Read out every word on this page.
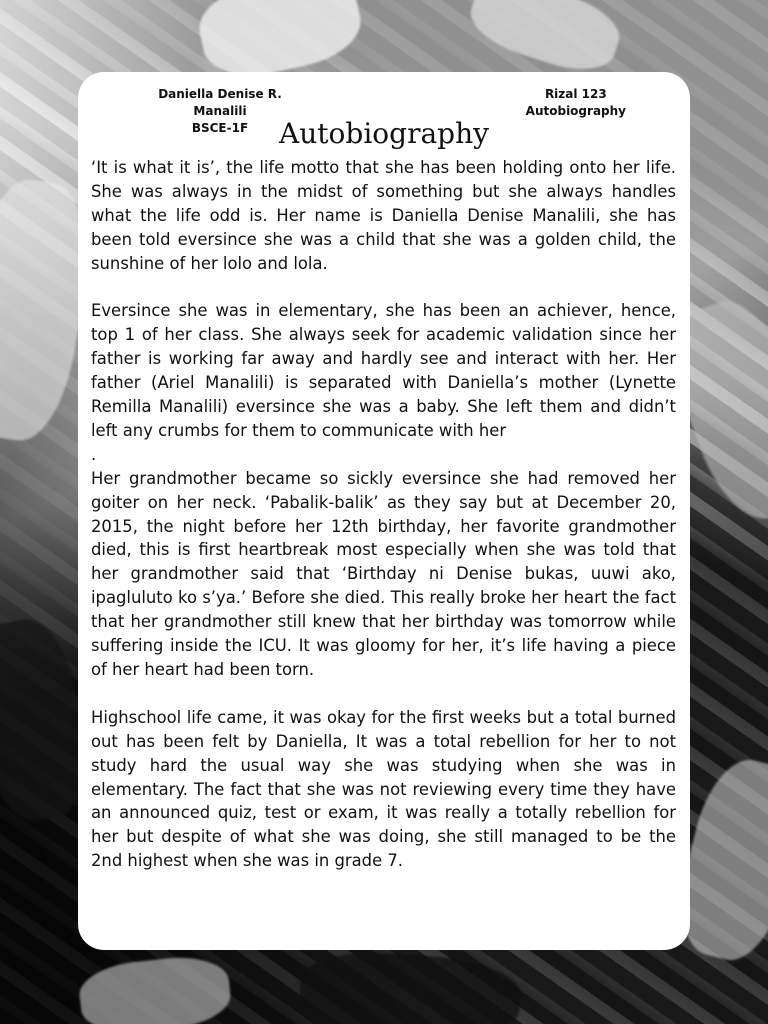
Daniella Denise R. Manalili
BSCE-1F
Rizal 123
Autobiography
Autobiography

‘It is what it is’, the life motto that she has been holding onto her life. She was always in the midst of something but she always handles what the life odd is. Her name is Daniella Denise Manalili, she has been told eversince she was a child that she was a golden child, the sunshine of her lolo and lola.

Eversince she was in elementary, she has been an achiever, hence, top 1 of her class. She always seek for academic validation since her father is working far away and hardly see and interact with her. Her father (Ariel Manalili) is separated with Daniella’s mother (Lynette Remilla Manalili) eversince she was a baby. She left them and didn’t left any crumbs for them to communicate with her

.

Her grandmother became so sickly eversince she had removed her goiter on her neck. ‘Pabalik-balik’ as they say but at December 20, 2015, the night before her 12th birthday, her favorite grandmother died, this is first heartbreak most especially when she was told that her grandmother said that ‘Birthday ni Denise bukas, uuwi ako, ipagluluto ko s’ya.’ Before she died. This really broke her heart the fact that her grandmother still knew that her birthday was tomorrow while suffering inside the ICU. It was gloomy for her, it’s life having a piece of her heart had been torn.

Highschool life came, it was okay for the first weeks but a total burned out has been felt by Daniella, It was a total rebellion for her to not study hard the usual way she was studying when she was in elementary. The fact that she was not reviewing every time they have an announced quiz, test or exam, it was really a totally rebellion for her but despite of what she was doing, she still managed to be the 2nd highest when she was in grade 7.
